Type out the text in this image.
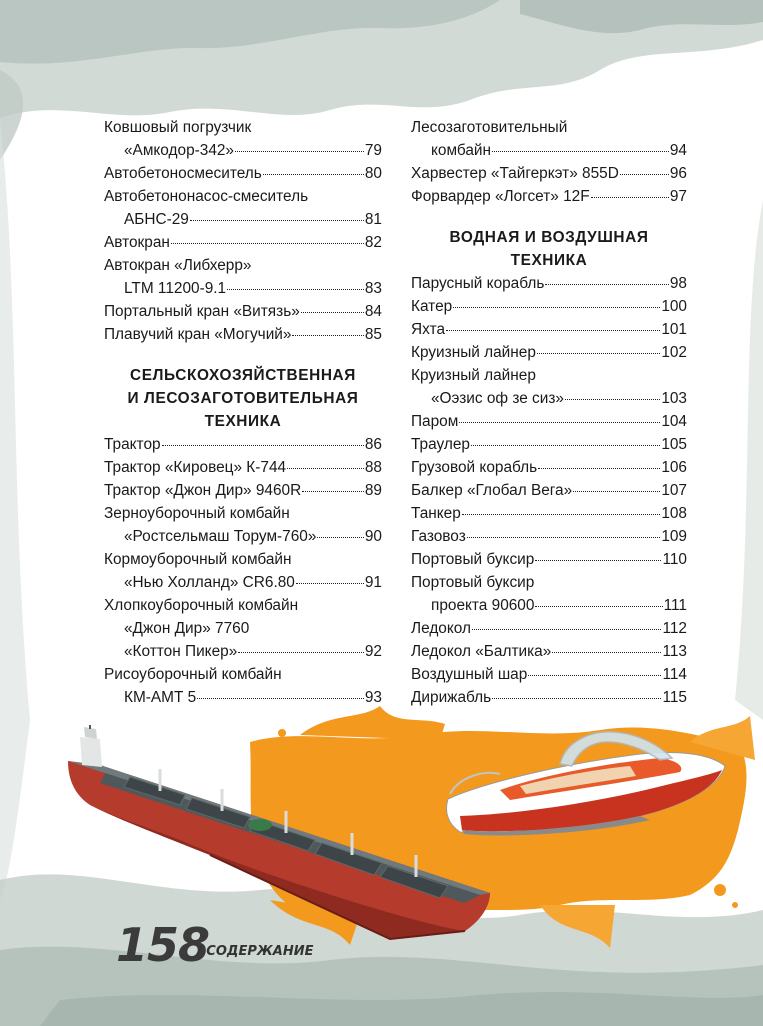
Ковшовый погрузчик
«Амкодор-342»	79
Автобетоносмеситель	80
Автобетононасос-смеситель
АБНС-29	81
Автокран	82
Автокран «Либхерр»
LTM 11200-9.1	83
Портальный кран «Витязь»	84
Плавучий кран «Могучий»	85
СЕЛЬСКОХОЗЯЙСТВЕННАЯ
И ЛЕСОЗАГОТОВИТЕЛЬНАЯ
ТЕХНИКА
Трактор	86
Трактор «Кировец» К-744	88
Трактор «Джон Дир» 9460R	89
Зерноуборочный комбайн
«Ростсельмаш Торум-760»	90
Кормоуборочный комбайн
«Нью Холланд» CR6.80	91
Хлопкоуборочный комбайн
«Джон Дир» 7760
«Коттон Пикер»	92
Рисоуборочный комбайн
КМ-АМТ 5	93
Лесозаготовительный
комбайн	94
Харвестер «Тайгеркэт» 855D	96
Форвардер «Логсет» 12F	97
ВОДНАЯ И ВОЗДУШНАЯ
ТЕХНИКА
Парусный корабль	98
Катер	100
Яхта	101
Круизный лайнер	102
Круизный лайнер
«Оэзис оф зе сиз»	103
Паром	104
Траулер	105
Грузовой корабль	106
Балкер «Глобал Вега»	107
Танкер	108
Газовоз	109
Портовый буксир	110
Портовый буксир
проекта 90600	111
Ледокол	112
Ледокол «Балтика»	113
Воздушный шар	114
Дирижабль	115
158
/ СОДЕРЖАНИЕ
